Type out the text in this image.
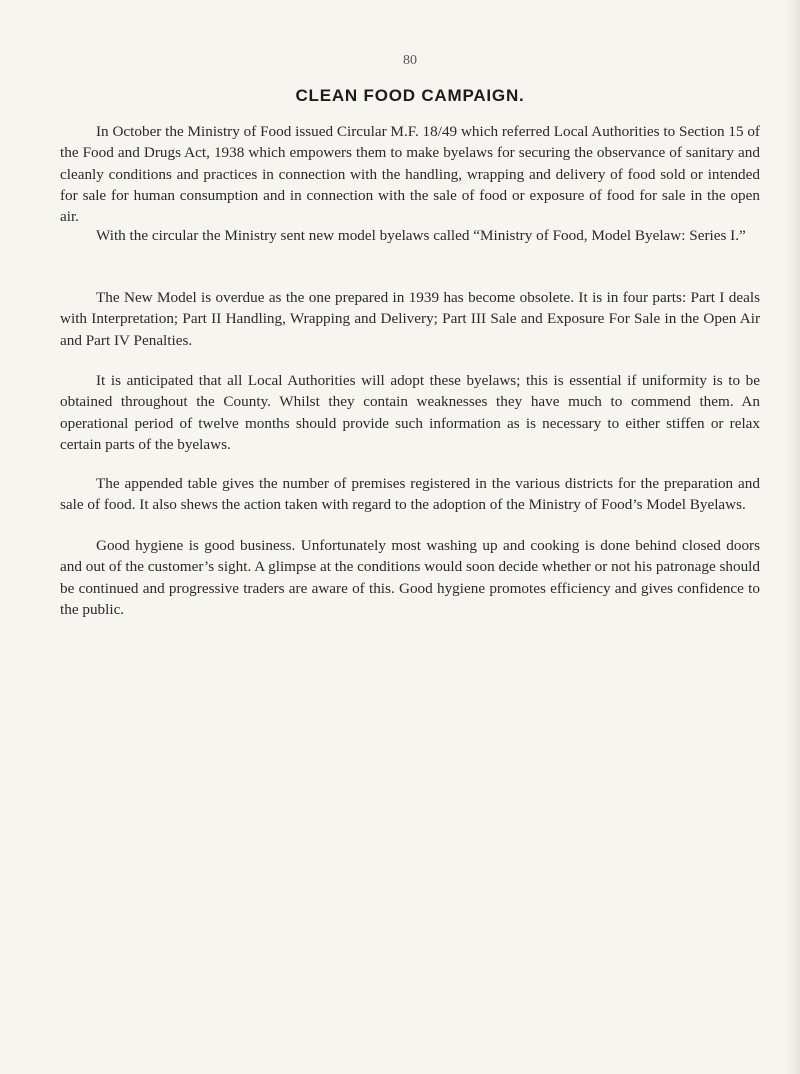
80
CLEAN FOOD CAMPAIGN.

In October the Ministry of Food issued Circular M.F. 18/49 which referred Local Authorities to Section 15 of the Food and Drugs Act, 1938 which empowers them to make byelaws for securing the observance of sanitary and cleanly conditions and practices in connection with the handling, wrapping and delivery of food sold or intended for sale for human consumption and in connection with the sale of food or exposure of food for sale in the open air.

With the circular the Ministry sent new model byelaws called “Ministry of Food, Model Byelaw: Series I.”

The New Model is overdue as the one prepared in 1939 has become obsolete. It is in four parts: Part I deals with Interpretation; Part II Handling, Wrapping and Delivery; Part III Sale and Exposure For Sale in the Open Air and Part IV Penalties.

It is anticipated that all Local Authorities will adopt these byelaws; this is essential if uniformity is to be obtained throughout the County. Whilst they contain weaknesses they have much to commend them. An operational period of twelve months should provide such information as is necessary to either stiffen or relax certain parts of the byelaws.

The appended table gives the number of premises registered in the various districts for the preparation and sale of food. It also shews the action taken with regard to the adoption of the Ministry of Food’s Model Byelaws.

Good hygiene is good business. Unfortunately most washing up and cooking is done behind closed doors and out of the customer’s sight. A glimpse at the conditions would soon decide whether or not his patronage should be continued and progressive traders are aware of this. Good hygiene promotes efficiency and gives confidence to the public.
